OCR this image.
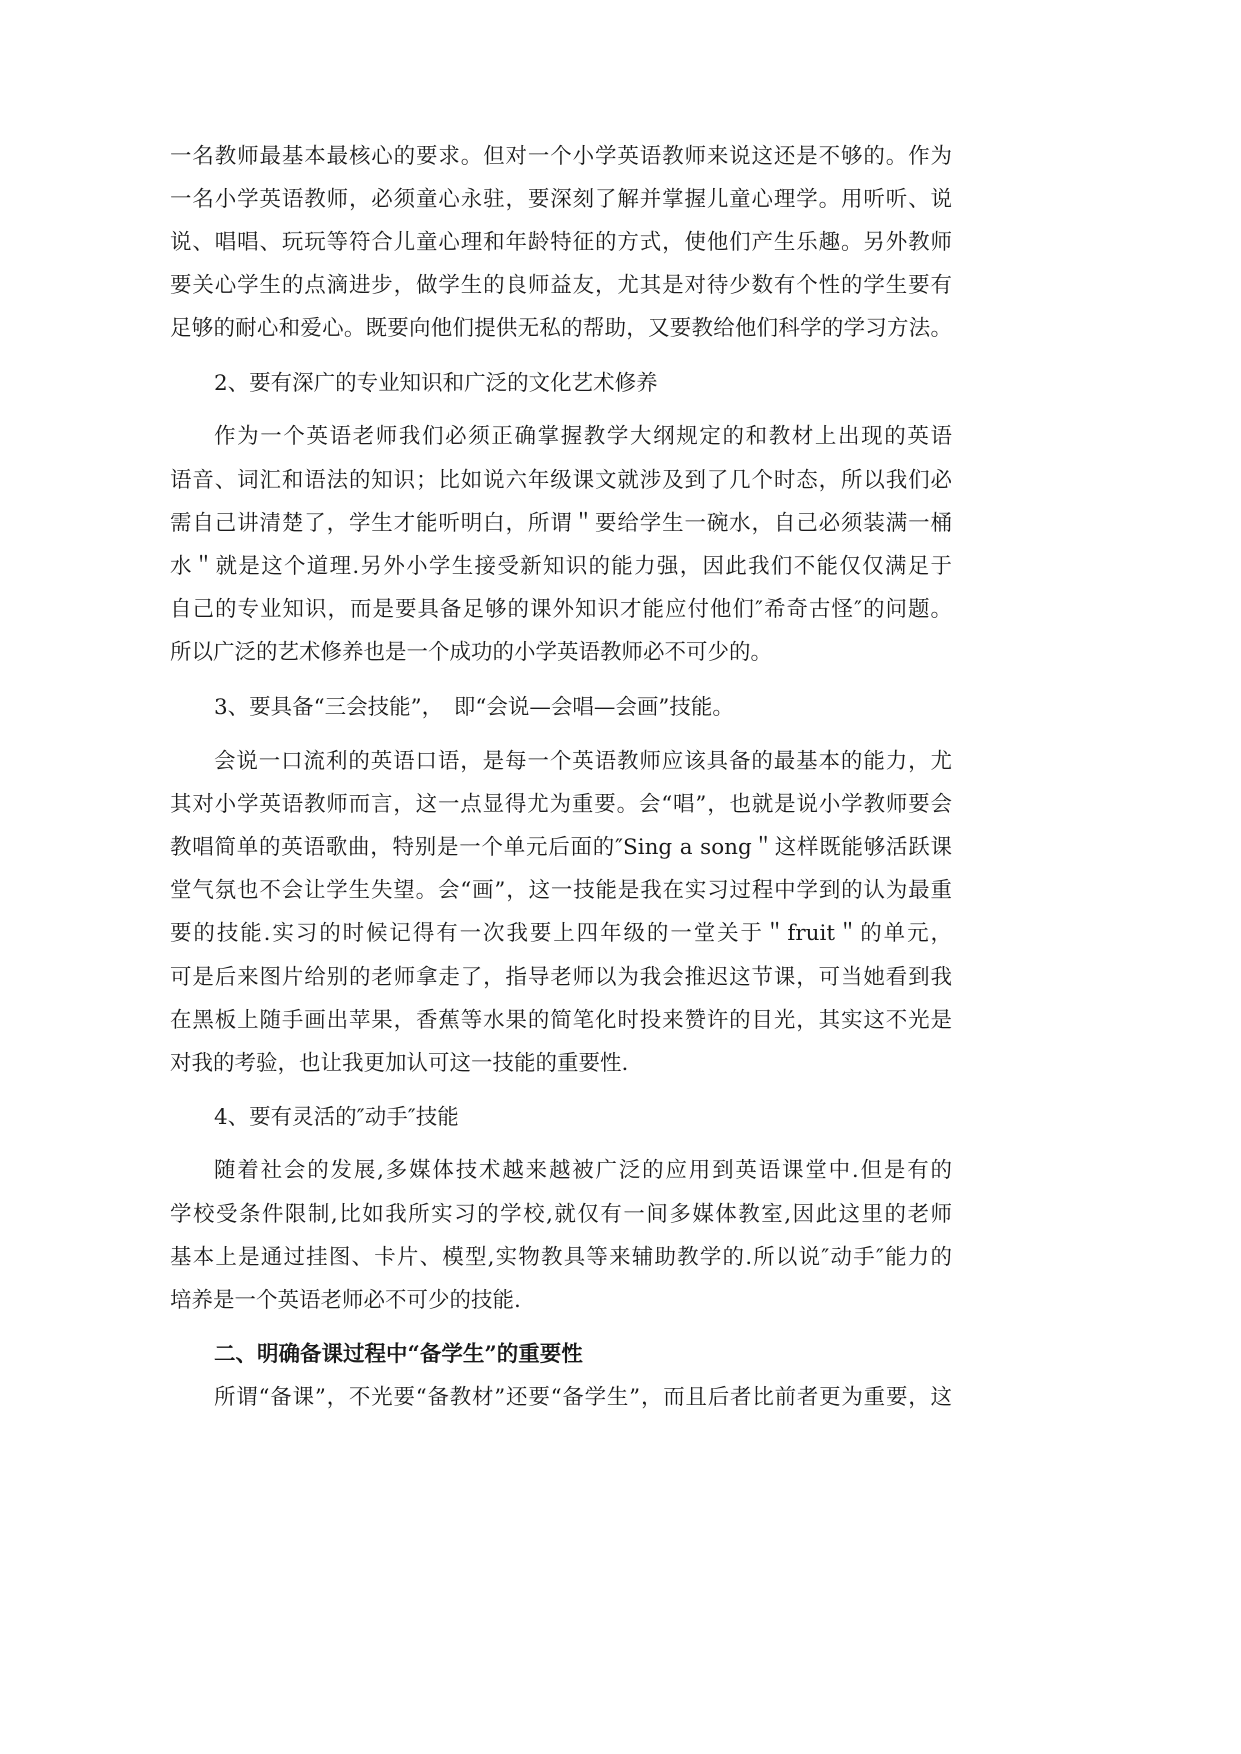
一名教师最基本最核心的要求。但对一个小学英语教师来说这还是不够的。作为
一名小学英语教师，必须童心永驻，要深刻了解并掌握儿童心理学。用听听、说
说、唱唱、玩玩等符合儿童心理和年龄特征的方式，使他们产生乐趣。另外教师
要关心学生的点滴进步，做学生的良师益友，尤其是对待少数有个性的学生要有
足够的耐心和爱心。既要向他们提供无私的帮助，又要教给他们科学的学习方法。
2、要有深广的专业知识和广泛的文化艺术修养
作为一个英语老师我们必须正确掌握教学大纲规定的和教材上出现的英语
语音、词汇和语法的知识；比如说六年级课文就涉及到了几个时态，所以我们必
需自己讲清楚了，学生才能听明白，所谓＂要给学生一碗水，自己必须装满一桶
水＂就是这个道理.另外小学生接受新知识的能力强，因此我们不能仅仅满足于
自己的专业知识，而是要具备足够的课外知识才能应付他们″希奇古怪″的问题。
所以广泛的艺术修养也是一个成功的小学英语教师必不可少的。
3、要具备“三会技能”，　即“会说—会唱—会画”技能。
会说一口流利的英语口语，是每一个英语教师应该具备的最基本的能力，尤
其对小学英语教师而言，这一点显得尤为重要。会“唱”，也就是说小学教师要会
教唱简单的英语歌曲，特别是一个单元后面的″Sing a song＂这样既能够活跃课
堂气氛也不会让学生失望。会“画”，这一技能是我在实习过程中学到的认为最重
要的技能.实习的时候记得有一次我要上四年级的一堂关于＂fruit＂的单元，
可是后来图片给别的老师拿走了，指导老师以为我会推迟这节课，可当她看到我
在黑板上随手画出苹果，香蕉等水果的简笔化时投来赞许的目光，其实这不光是
对我的考验，也让我更加认可这一技能的重要性.
4、要有灵活的″动手″技能
随着社会的发展,多媒体技术越来越被广泛的应用到英语课堂中.但是有的
学校受条件限制,比如我所实习的学校,就仅有一间多媒体教室,因此这里的老师
基本上是通过挂图、卡片、模型,实物教具等来辅助教学的.所以说″动手″能力的
培养是一个英语老师必不可少的技能.
二、明确备课过程中“备学生”的重要性
所谓“备课”，不光要“备教材”还要“备学生”，而且后者比前者更为重要，这
